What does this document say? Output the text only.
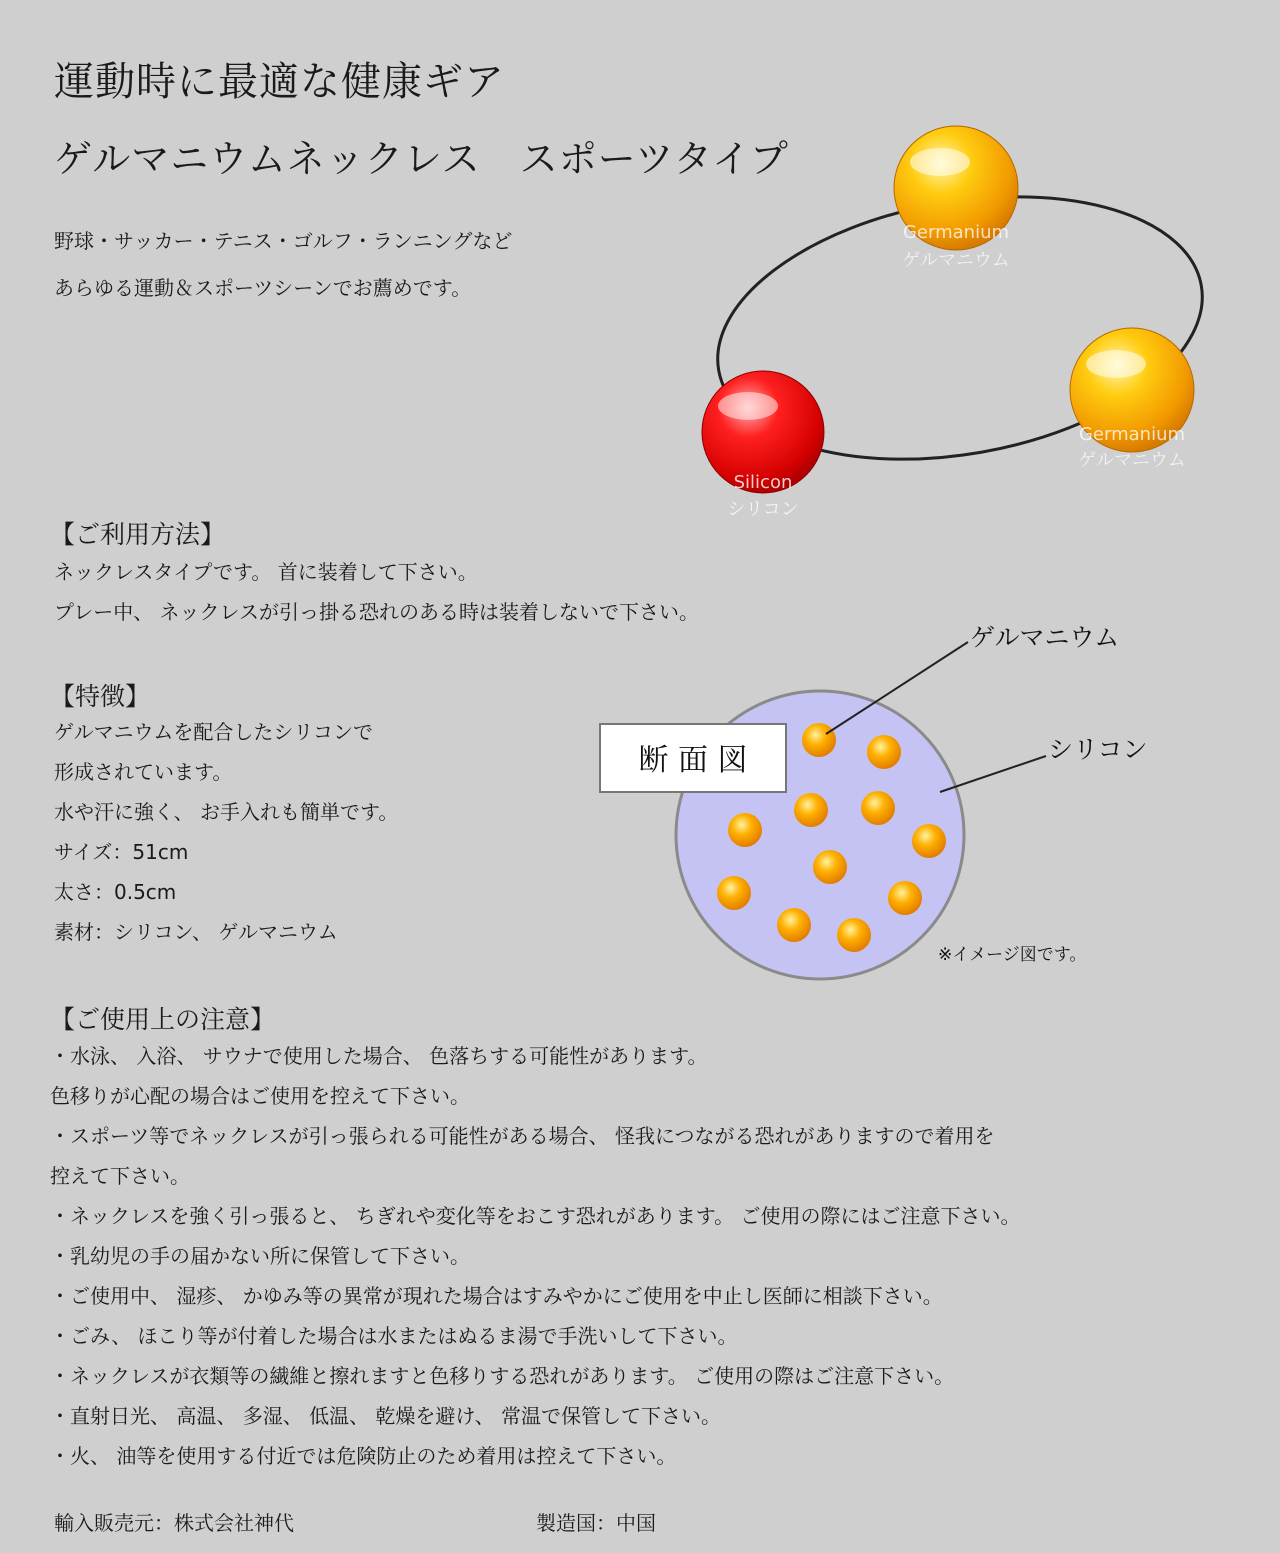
運動時に最適な健康ギア
ゲルマニウムネックレス　スポーツタイプ
野球・サッカー・テニス・ゴルフ・ランニングなど
あらゆる運動＆スポーツシーンでお薦めです。
Germanium
ゲルマニウム
Germanium
ゲルマニウム
Silicon
シリコン
【ご利用方法】
ネックレスタイプです。 首に装着して下さい。
プレー中、 ネックレスが引っ掛る恐れのある時は装着しないで下さい。
【特徴】
ゲルマニウムを配合したシリコンで
形成されています。
水や汗に強く、 お手入れも簡単です。
サイズ：51cm
太さ：0.5cm
素材：シリコン、 ゲルマニウム
断 面 図
ゲルマニウム
シリコン
※イメージ図です。
【ご使用上の注意】
・ 水泳、 入浴、 サウナで使用した場合、 色落ちする可能性があります。
色移りが心配の場合はご使用を控えて下さい。
・ スポーツ等でネックレスが引っ張られる可能性がある場合、 怪我につながる恐れがありますので着用を
控えて下さい。
・ ネックレスを強く引っ張ると、 ちぎれや変化等をおこす恐れがあります。 ご使用の際にはご注意下さい。
・ 乳幼児の手の届かない所に保管して下さい。
・ ご使用中、 湿疹、 かゆみ等の異常が現れた場合はすみやかにご使用を中止し医師に相談下さい。
・ ごみ、 ほこり等が付着した場合は水またはぬるま湯で手洗いして下さい。
・ ネックレスが衣類等の繊維と擦れますと色移りする恐れがあります。 ご使用の際はご注意下さい。
・ 直射日光、 高温、 多湿、 低温、 乾燥を避け、 常温で保管して下さい。
・ 火、 油等を使用する付近では危険防止のため着用は控えて下さい。
輸入販売元：株式会社神代	製造国：中国
